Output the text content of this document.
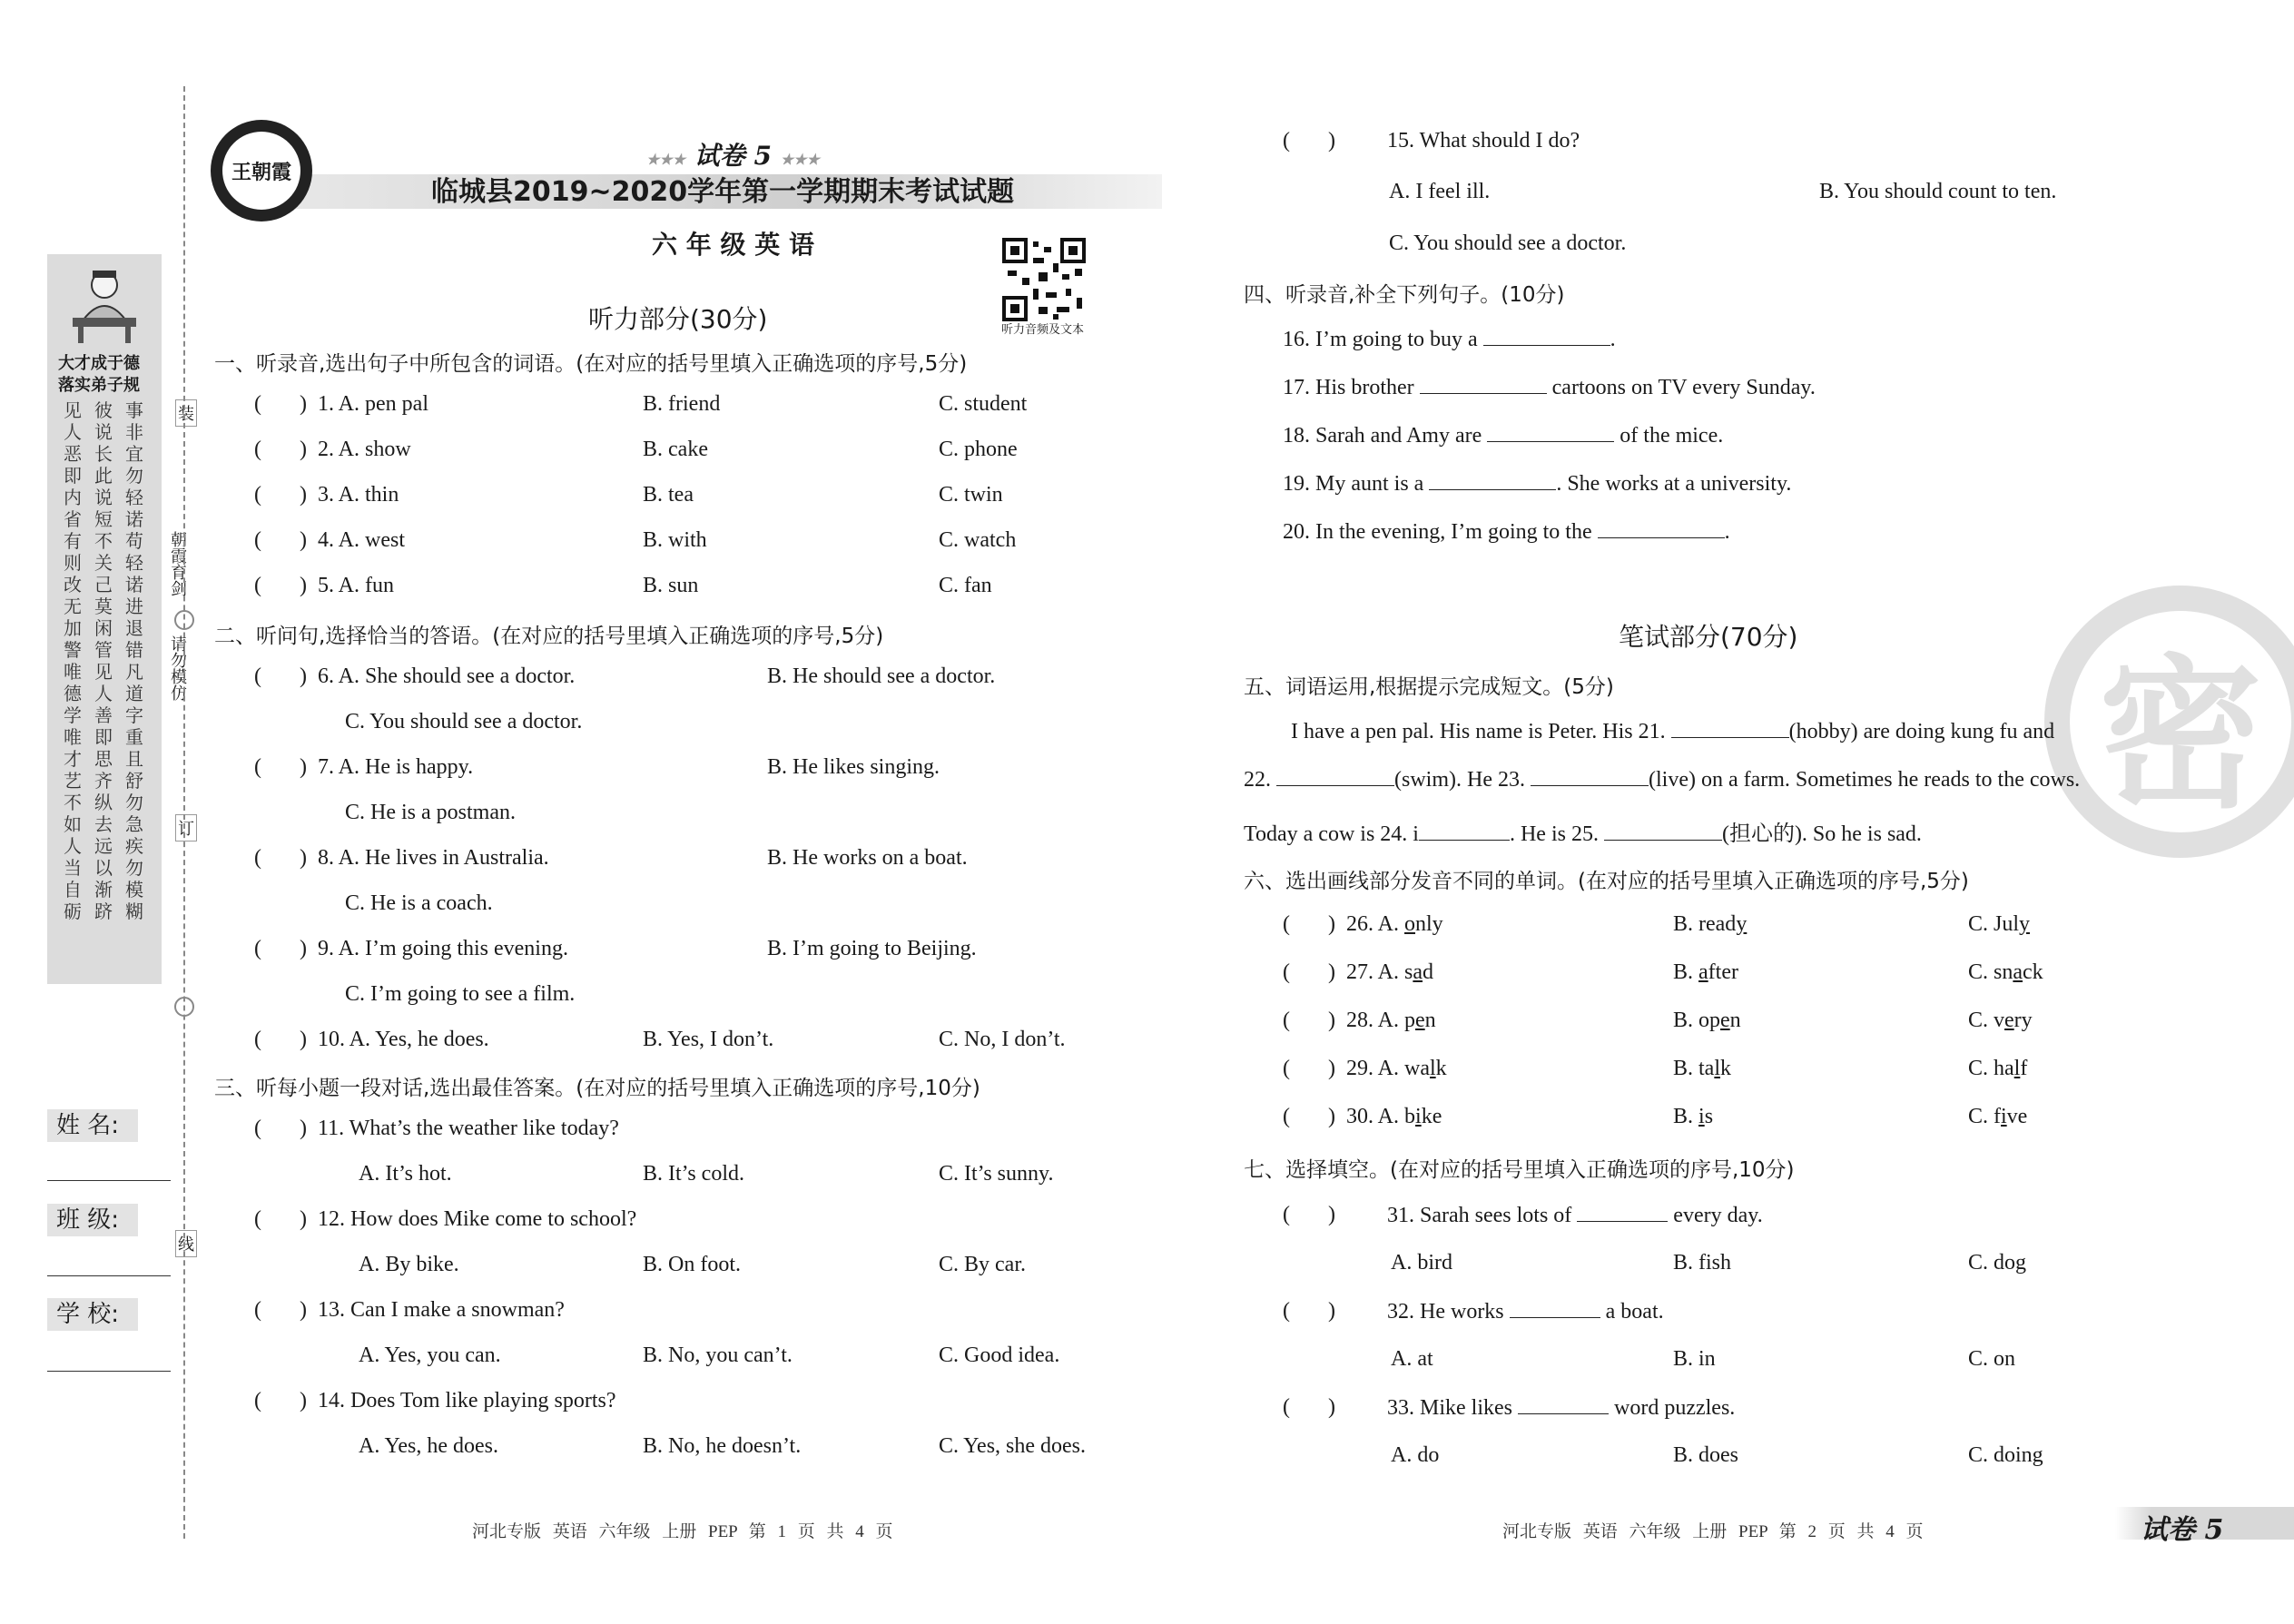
大才成于德
落实弟子规
见
人
恶
即
内
省
有
则
改
无
加
警
唯
德
学
唯
才
艺
不
如
人
当
自
砺
彼
说
长
此
说
短
不
关
己
莫
闲
管
见
人
善
即
思
齐
纵
去
远
以
渐
跻
事
非
宜
勿
轻
诺
苟
轻
诺
进
退
错
凡
道
字
重
且
舒
勿
急
疾
勿
模
糊
装
订
线
朝霞育剑
请勿模仿
姓 名:
班 级:
学 校:
王朝霞
★★★ 试卷 5 ★★★
临城县2019~2020学年第一学期期末考试试题
六 年 级 英 语
听力音频及文本
听力部分(30分)
一、听录音,选出句子中所包含的词语。(在对应的括号里填入正确选项的序号,5分)
二、听问句,选择恰当的答语。(在对应的括号里填入正确选项的序号,5分)
三、听每小题一段对话,选出最佳答案。(在对应的括号里填入正确选项的序号,10分)
河北专版 英语 六年级 上册 PEP 第 1 页 共 4 页
密
河北专版 英语 六年级 上册 PEP 第 2 页 共 4 页	试卷 5
(       ) 1. A. pen pal	B. friend	C. student
(       ) 2. A. show	B. cake	C. phone
(       ) 3. A. thin	B. tea	C. twin
(       ) 4. A. west	B. with	C. watch
(       ) 5. A. fun	B. sun	C. fan
(       ) 6. A. She should see a doctor.	B. He should see a doctor.
C. You should see a doctor.
(       ) 7. A. He is happy.	B. He likes singing.
C. He is a postman.
(       ) 8. A. He lives in Australia.	B. He works on a boat.
C. He is a coach.
(       ) 9. A. I’m going this evening.	B. I’m going to Beijing.
C. I’m going to see a film.
(       ) 10. A. Yes, he does.	B. Yes, I don’t.	C. No, I don’t.
(       ) 11. What’s the weather like today?
A. It’s hot.	B. It’s cold.	C. It’s sunny.
(       ) 12. How does Mike come to school?
A. By bike.	B. On foot.	C. By car.
(       ) 13. Can I make a snowman?
A. Yes, you can.	B. No, you can’t.	C. Good idea.
(       ) 14. Does Tom like playing sports?
A. Yes, he does.	B. No, he doesn’t.	C. Yes, she does.
(       ) 15. What should I do?
A. I feel ill.	B. You should count to ten.
C. You should see a doctor.
四、听录音,补全下列句子。(10分)
16. I’m going to buy a	.
17. His brother	cartoons on TV every Sunday.
18. Sarah and Amy are	of the mice.
19. My aunt is a	. She works at a university.
20. In the evening, I’m going to the	.
笔试部分(70分)
五、词语运用,根据提示完成短文。(5分)
I have a pen pal. His name is Peter. His 21.	(hobby) are doing kung fu and
22.	(swim). He 23.	(live) on a farm. Sometimes he reads to the cows.
Today a cow is 24. i	. He is 25.	(担心的). So he is sad.
六、选出画线部分发音不同的单词。(在对应的括号里填入正确选项的序号,5分)
(       ) 26. A. only	B. ready	C. July
(       ) 27. A. sad	B. after	C. snack
(       ) 28. A. pen	B. open	C. very
(       ) 29. A. walk	B. talk	C. half
(       ) 30. A. bike	B. is	C. five
七、选择填空。(在对应的括号里填入正确选项的序号,10分)
(       ) 31. Sarah sees lots of	every day.
A. bird	B. fish	C. dog
(       ) 32. He works	a boat.
A. at	B. in	C. on
(       ) 33. Mike likes	word puzzles.
A. do	B. does	C. doing
